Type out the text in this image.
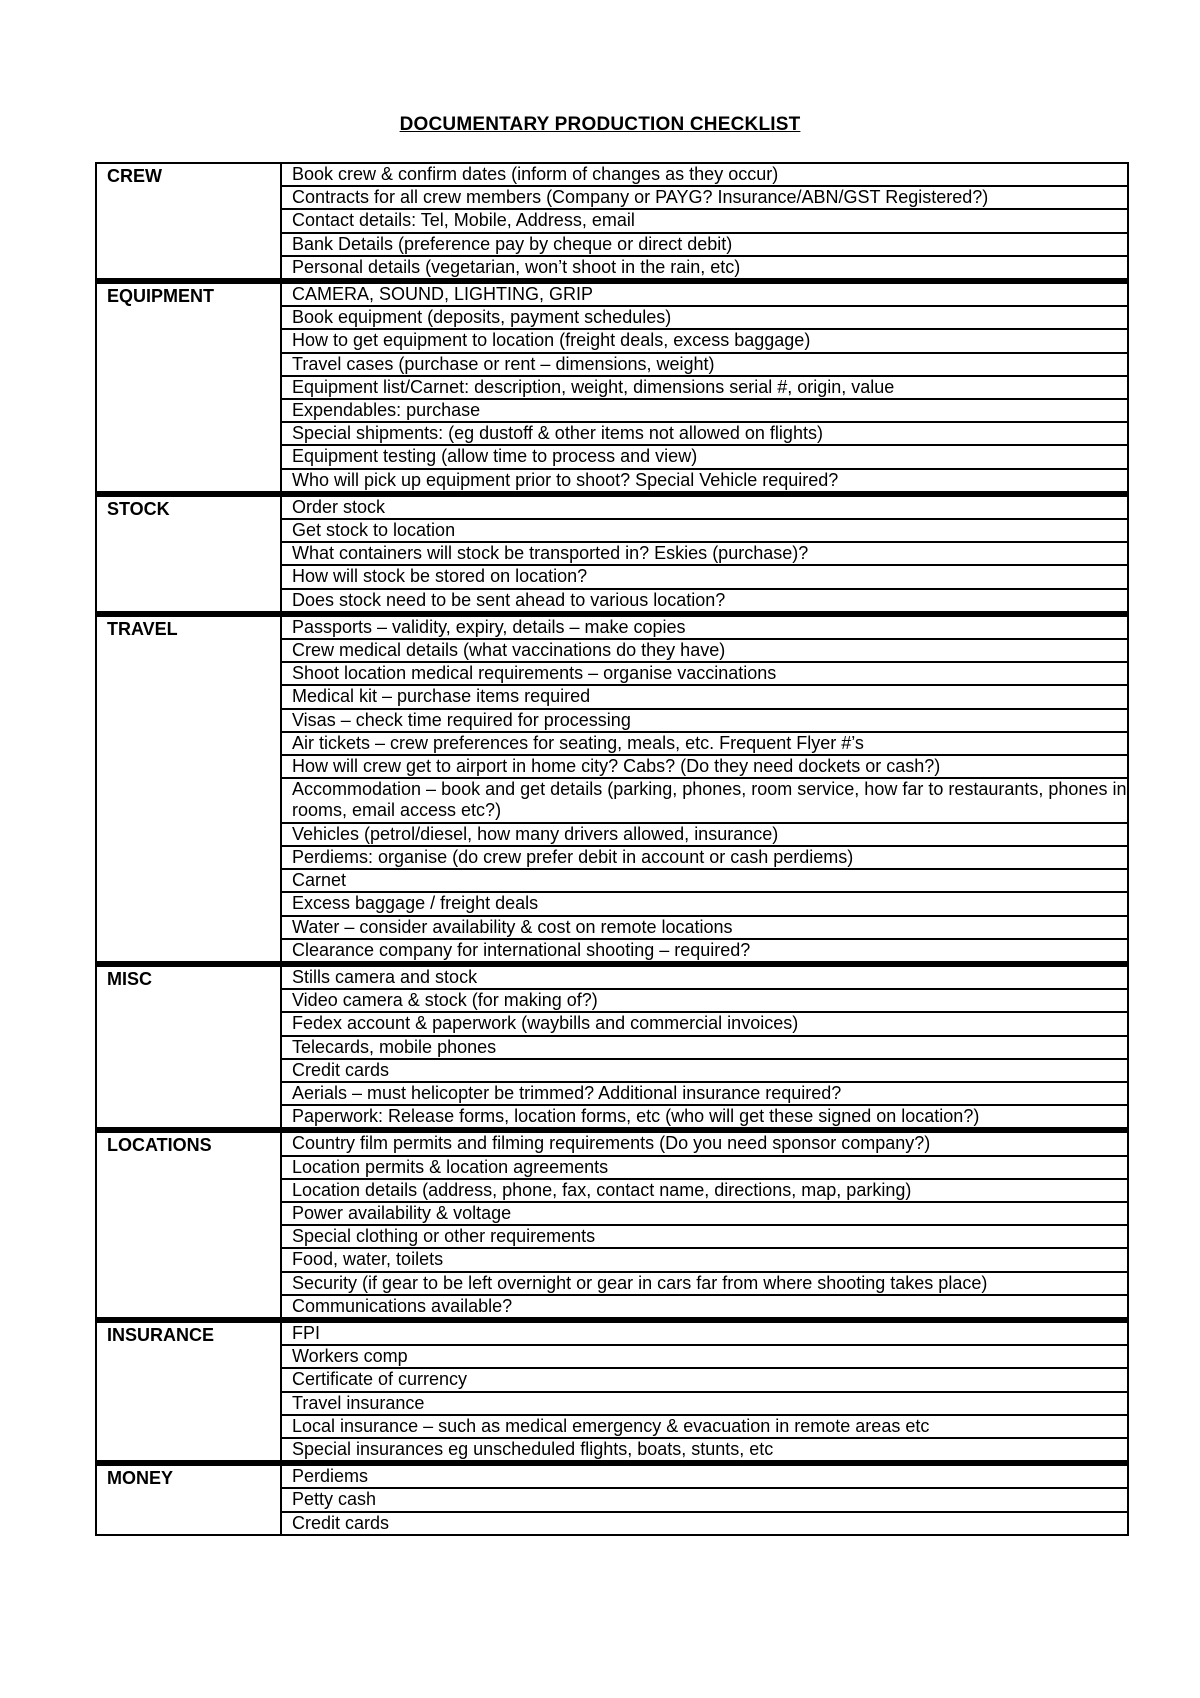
DOCUMENTARY PRODUCTION CHECKLIST
CREW	Book crew & confirm dates (inform of changes as they occur)
Contracts for all crew members (Company or PAYG? Insurance/ABN/GST Registered?)
Contact details: Tel, Mobile, Address, email
Bank Details (preference pay by cheque or direct debit)
Personal details (vegetarian, won’t shoot in the rain, etc)
EQUIPMENT	CAMERA, SOUND, LIGHTING, GRIP
Book equipment (deposits, payment schedules)
How to get equipment to location (freight deals, excess baggage)
Travel cases (purchase or rent – dimensions, weight)
Equipment list/Carnet: description, weight, dimensions serial #, origin, value
Expendables: purchase
Special shipments: (eg dustoff & other items not allowed on flights)
Equipment testing (allow time to process and view)
Who will pick up equipment prior to shoot? Special Vehicle required?
STOCK	Order stock
Get stock to location
What containers will stock be transported in? Eskies (purchase)?
How will stock be stored on location?
Does stock need to be sent ahead to various location?
TRAVEL	Passports – validity, expiry, details – make copies
Crew medical details (what vaccinations do they have)
Shoot location medical requirements – organise vaccinations
Medical kit – purchase items required
Visas – check time required for processing
Air tickets – crew preferences for seating, meals, etc. Frequent Flyer #’s
How will crew get to airport in home city? Cabs? (Do they need dockets or cash?)
Accommodation – book and get details (parking, phones, room service, how far to restaurants, phones in rooms, email access etc?)
Vehicles (petrol/diesel, how many drivers allowed, insurance)
Perdiems: organise (do crew prefer debit in account or cash perdiems)
Carnet
Excess baggage / freight deals
Water – consider availability & cost on remote locations
Clearance company for international shooting – required?
MISC	Stills camera and stock
Video camera & stock (for making of?)
Fedex account & paperwork (waybills and commercial invoices)
Telecards, mobile phones
Credit cards
Aerials – must helicopter be trimmed? Additional insurance required?
Paperwork: Release forms, location forms, etc (who will get these signed on location?)
LOCATIONS	Country film permits and filming requirements (Do you need sponsor company?)
Location permits & location agreements
Location details (address, phone, fax, contact name, directions, map, parking)
Power availability & voltage
Special clothing or other requirements
Food, water, toilets
Security (if gear to be left overnight or gear in cars far from where shooting takes place)
Communications available?
INSURANCE	FPI
Workers comp
Certificate of currency
Travel insurance
Local insurance – such as medical emergency & evacuation in remote areas etc
Special insurances eg unscheduled flights, boats, stunts, etc
MONEY	Perdiems
Petty cash
Credit cards
